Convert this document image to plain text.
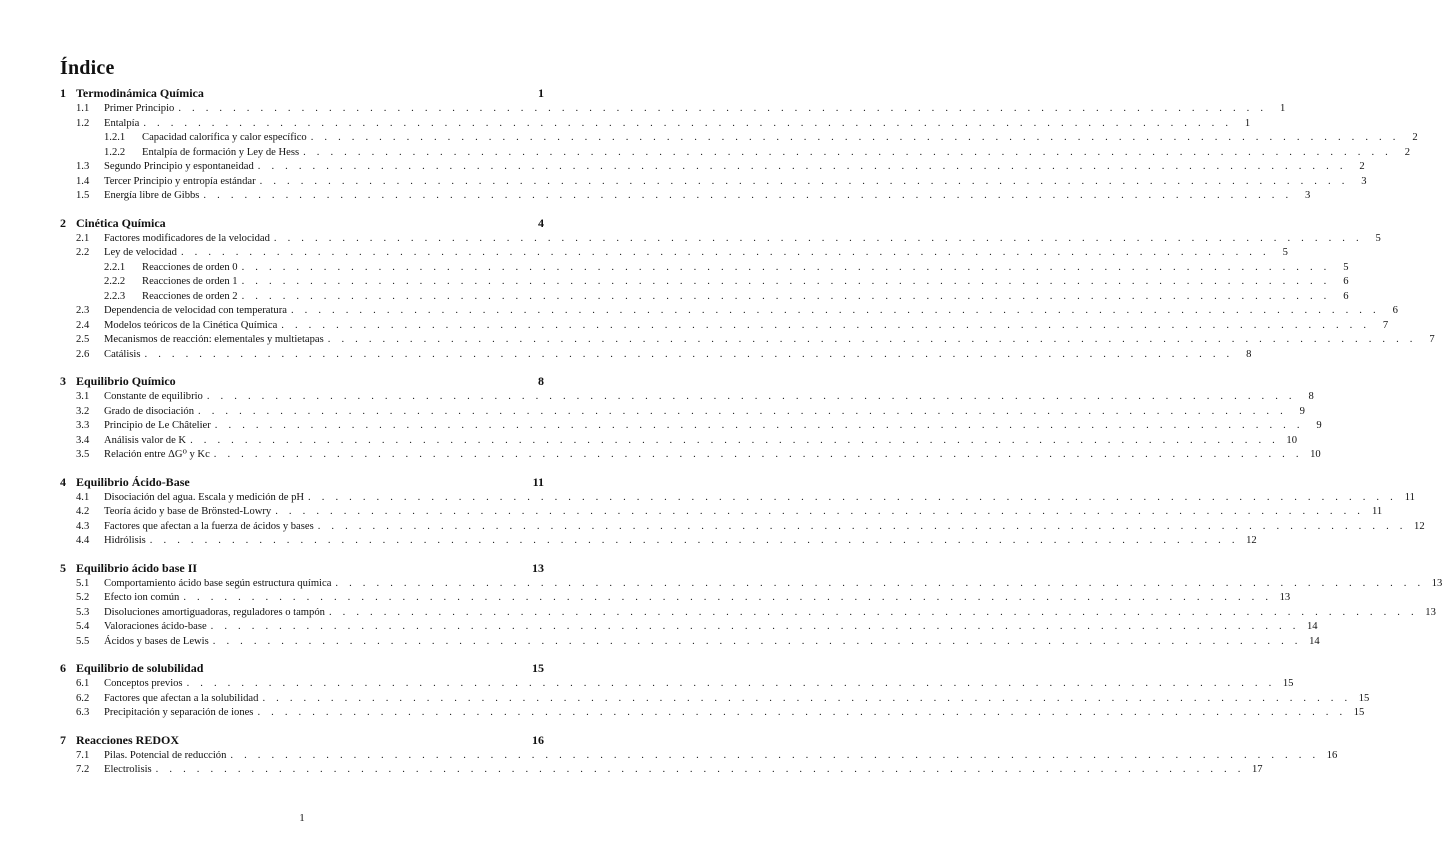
Índice
1 Termodinámica Química	1
1.1	Primer Principio . . . . . . . . . . . . . . . . . . . . . . . . . . . . . . . . . . . . . . . . . . . . . . . . . . . . . . . . . . . . . . . . . . . . . . . . . . . . . . . .	1
1.2	Entalpía . . . . . . . . . . . . . . . . . . . . . . . . . . . . . . . . . . . . . . . . . . . . . . . . . . . . . . . . . . . . . . . . . . . . . . . . . . . . . . . .	1
1.2.1	Capacidad calorífica y calor específico . . . . . . . . . . . . . . . . . . . . . . . . . . . . . . . . . . . . . . . . . . . . . . . . . . . . . . . . . . . . . . . . . . . . . . . . . . . . . . . .	2
1.2.2	Entalpía de formación y Ley de Hess . . . . . . . . . . . . . . . . . . . . . . . . . . . . . . . . . . . . . . . . . . . . . . . . . . . . . . . . . . . . . . . . . . . . . . . . . . . . . . . .	2
1.3	Segundo Principio y espontaneidad . . . . . . . . . . . . . . . . . . . . . . . . . . . . . . . . . . . . . . . . . . . . . . . . . . . . . . . . . . . . . . . . . . . . . . . . . . . . . . . .	2
1.4	Tercer Principio y entropía estándar . . . . . . . . . . . . . . . . . . . . . . . . . . . . . . . . . . . . . . . . . . . . . . . . . . . . . . . . . . . . . . . . . . . . . . . . . . . . . . . .	3
1.5	Energía libre de Gibbs . . . . . . . . . . . . . . . . . . . . . . . . . . . . . . . . . . . . . . . . . . . . . . . . . . . . . . . . . . . . . . . . . . . . . . . . . . . . . . . .	3
2 Cinética Química	4
2.1	Factores modificadores de la velocidad . . . . . . . . . . . . . . . . . . . . . . . . . . . . . . . . . . . . . . . . . . . . . . . . . . . . . . . . . . . . . . . . . . . . . . . . . . . . . . . .	5
2.2	Ley de velocidad . . . . . . . . . . . . . . . . . . . . . . . . . . . . . . . . . . . . . . . . . . . . . . . . . . . . . . . . . . . . . . . . . . . . . . . . . . . . . . . .	5
2.2.1	Reacciones de orden 0 . . . . . . . . . . . . . . . . . . . . . . . . . . . . . . . . . . . . . . . . . . . . . . . . . . . . . . . . . . . . . . . . . . . . . . . . . . . . . . . .	5
2.2.2	Reacciones de orden 1 . . . . . . . . . . . . . . . . . . . . . . . . . . . . . . . . . . . . . . . . . . . . . . . . . . . . . . . . . . . . . . . . . . . . . . . . . . . . . . . .	6
2.2.3	Reacciones de orden 2 . . . . . . . . . . . . . . . . . . . . . . . . . . . . . . . . . . . . . . . . . . . . . . . . . . . . . . . . . . . . . . . . . . . . . . . . . . . . . . . .	6
2.3	Dependencia de velocidad con temperatura . . . . . . . . . . . . . . . . . . . . . . . . . . . . . . . . . . . . . . . . . . . . . . . . . . . . . . . . . . . . . . . . . . . . . . . . . . . . . . . .	6
2.4	Modelos teóricos de la Cinética Química . . . . . . . . . . . . . . . . . . . . . . . . . . . . . . . . . . . . . . . . . . . . . . . . . . . . . . . . . . . . . . . . . . . . . . . . . . . . . . . .	7
2.5	Mecanismos de reacción: elementales y multietapas . . . . . . . . . . . . . . . . . . . . . . . . . . . . . . . . . . . . . . . . . . . . . . . . . . . . . . . . . . . . . . . . . . . . . . . . . . . . . . . .	7
2.6	Catálisis . . . . . . . . . . . . . . . . . . . . . . . . . . . . . . . . . . . . . . . . . . . . . . . . . . . . . . . . . . . . . . . . . . . . . . . . . . . . . . . .	8
3 Equilibrio Químico	8
3.1	Constante de equilibrio . . . . . . . . . . . . . . . . . . . . . . . . . . . . . . . . . . . . . . . . . . . . . . . . . . . . . . . . . . . . . . . . . . . . . . . . . . . . . . . .	8
3.2	Grado de disociación . . . . . . . . . . . . . . . . . . . . . . . . . . . . . . . . . . . . . . . . . . . . . . . . . . . . . . . . . . . . . . . . . . . . . . . . . . . . . . . .	9
3.3	Principio de Le Châtelier . . . . . . . . . . . . . . . . . . . . . . . . . . . . . . . . . . . . . . . . . . . . . . . . . . . . . . . . . . . . . . . . . . . . . . . . . . . . . . . .	9
3.4	Análisis valor de K . . . . . . . . . . . . . . . . . . . . . . . . . . . . . . . . . . . . . . . . . . . . . . . . . . . . . . . . . . . . . . . . . . . . . . . . . . . . . . . . 10
3.5	Relación entre ΔG⁰ y Kc . . . . . . . . . . . . . . . . . . . . . . . . . . . . . . . . . . . . . . . . . . . . . . . . . . . . . . . . . . . . . . . . . . . . . . . . . . . . . . . . 10
4 Equilibrio Ácido-Base	11
4.1	Disociación del agua. Escala y medición de pH . . . . . . . . . . . . . . . . . . . . . . . . . . . . . . . . . . . . . . . . . . . . . . . . . . . . . . . . . . . . . . . . . . . . . . . . . . . . . . . . 11
4.2	Teoría ácido y base de Brönsted-Lowry . . . . . . . . . . . . . . . . . . . . . . . . . . . . . . . . . . . . . . . . . . . . . . . . . . . . . . . . . . . . . . . . . . . . . . . . . . . . . . . . 11
4.3	Factores que afectan a la fuerza de ácidos y bases . . . . . . . . . . . . . . . . . . . . . . . . . . . . . . . . . . . . . . . . . . . . . . . . . . . . . . . . . . . . . . . . . . . . . . . . . . . . . . . . 12
4.4	Hidrólisis . . . . . . . . . . . . . . . . . . . . . . . . . . . . . . . . . . . . . . . . . . . . . . . . . . . . . . . . . . . . . . . . . . . . . . . . . . . . . . . . 12
5 Equilibrio ácido base II	13
5.1	Comportamiento ácido base según estructura química . . . . . . . . . . . . . . . . . . . . . . . . . . . . . . . . . . . . . . . . . . . . . . . . . . . . . . . . . . . . . . . . . . . . . . . . . . . . . . . . 13
5.2	Efecto ion común . . . . . . . . . . . . . . . . . . . . . . . . . . . . . . . . . . . . . . . . . . . . . . . . . . . . . . . . . . . . . . . . . . . . . . . . . . . . . . . . 13
5.3	Disoluciones amortiguadoras, reguladores o tampón . . . . . . . . . . . . . . . . . . . . . . . . . . . . . . . . . . . . . . . . . . . . . . . . . . . . . . . . . . . . . . . . . . . . . . . . . . . . . . . . 13
5.4	Valoraciones ácido-base . . . . . . . . . . . . . . . . . . . . . . . . . . . . . . . . . . . . . . . . . . . . . . . . . . . . . . . . . . . . . . . . . . . . . . . . . . . . . . . . 14
5.5	Ácidos y bases de Lewis . . . . . . . . . . . . . . . . . . . . . . . . . . . . . . . . . . . . . . . . . . . . . . . . . . . . . . . . . . . . . . . . . . . . . . . . . . . . . . . . 14
6 Equilibrio de solubilidad	15
6.1	Conceptos previos . . . . . . . . . . . . . . . . . . . . . . . . . . . . . . . . . . . . . . . . . . . . . . . . . . . . . . . . . . . . . . . . . . . . . . . . . . . . . . . . 15
6.2	Factores que afectan a la solubilidad . . . . . . . . . . . . . . . . . . . . . . . . . . . . . . . . . . . . . . . . . . . . . . . . . . . . . . . . . . . . . . . . . . . . . . . . . . . . . . . . 15
6.3	Precipitación y separación de iones . . . . . . . . . . . . . . . . . . . . . . . . . . . . . . . . . . . . . . . . . . . . . . . . . . . . . . . . . . . . . . . . . . . . . . . . . . . . . . . . 15
7 Reacciones REDOX	16
7.1	Pilas. Potencial de reducción . . . . . . . . . . . . . . . . . . . . . . . . . . . . . . . . . . . . . . . . . . . . . . . . . . . . . . . . . . . . . . . . . . . . . . . . . . . . . . . . 16
7.2	Electrolisis . . . . . . . . . . . . . . . . . . . . . . . . . . . . . . . . . . . . . . . . . . . . . . . . . . . . . . . . . . . . . . . . . . . . . . . . . . . . . . . . 17
1
